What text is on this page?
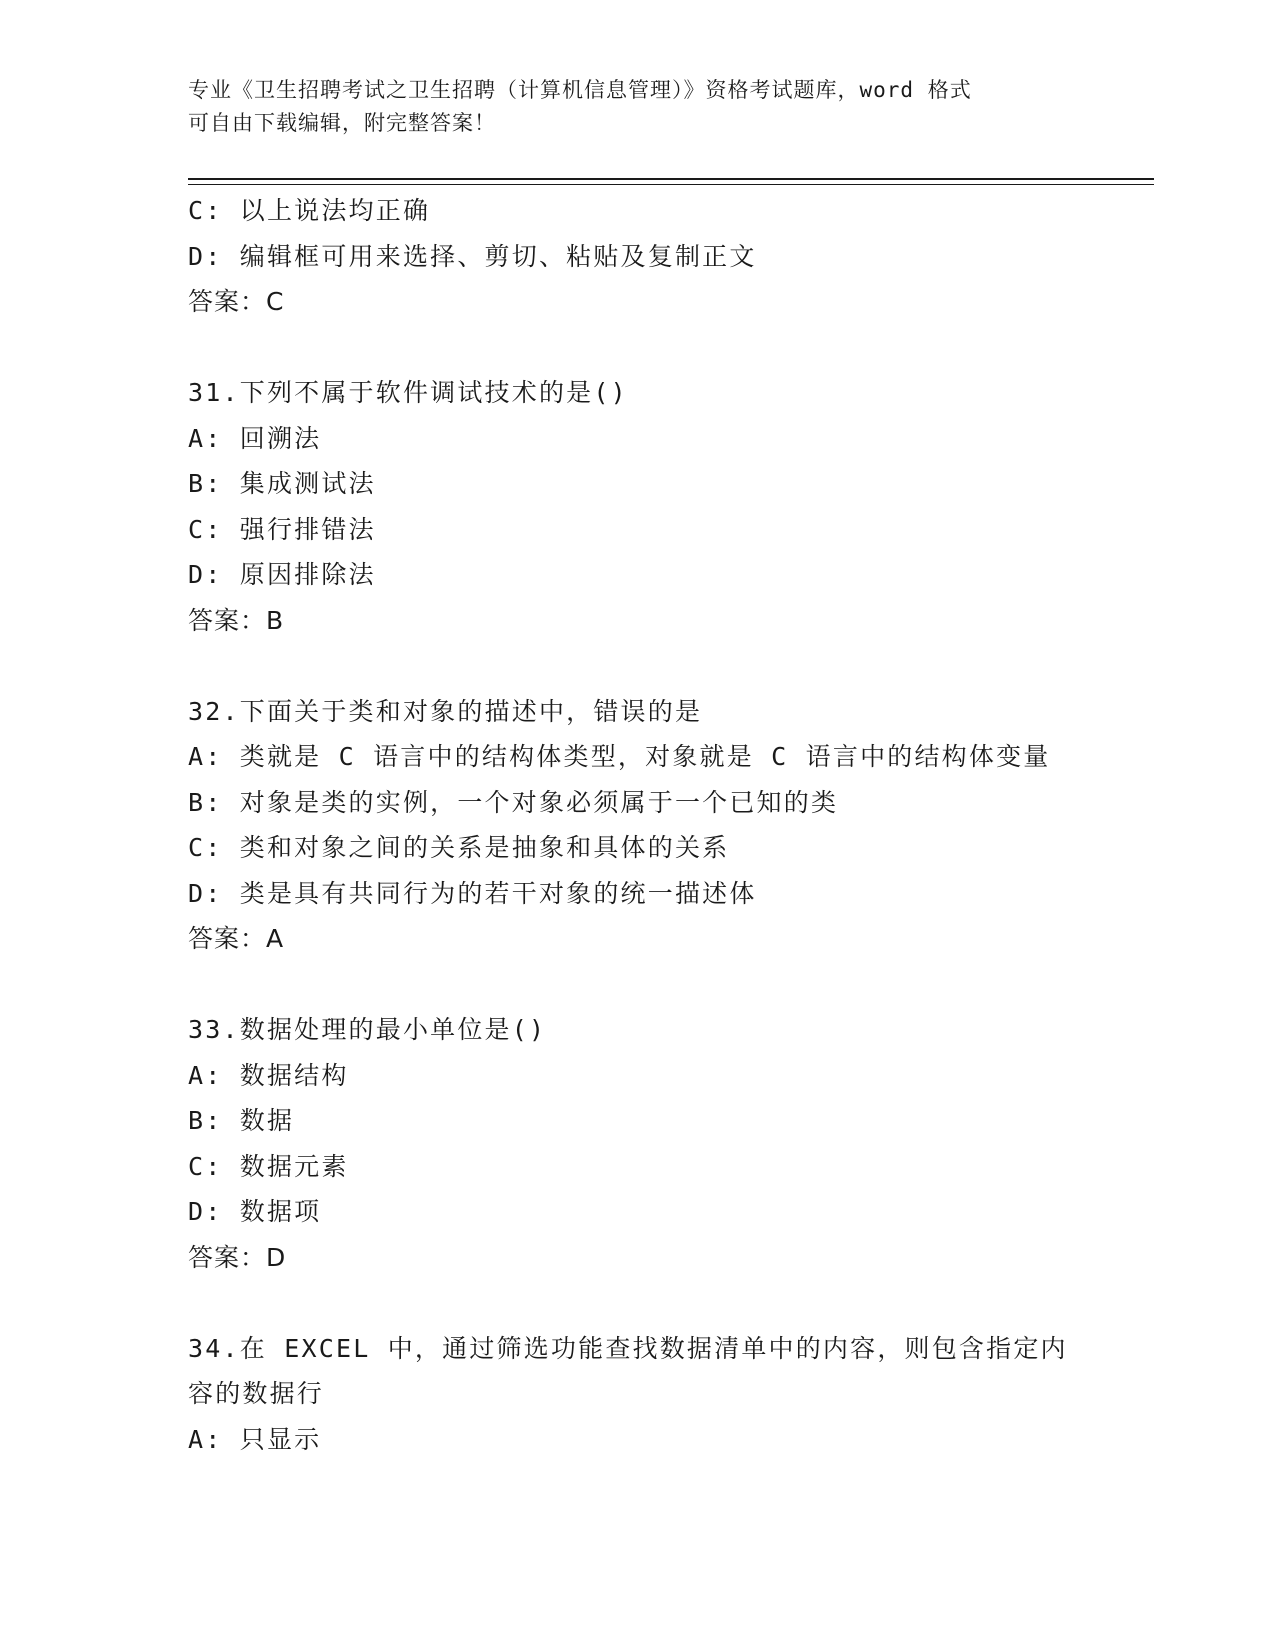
专业《卫生招聘考试之卫生招聘（计算机信息管理）》资格考试题库，word 格式
可自由下载编辑，附完整答案！
C: 以上说法均正确
D: 编辑框可用来选择、剪切、粘贴及复制正文
答案：C
31.下列不属于软件调试技术的是()
A: 回溯法
B: 集成测试法
C: 强行排错法
D: 原因排除法
答案：B
32.下面关于类和对象的描述中，错误的是
A: 类就是 C 语言中的结构体类型，对象就是 C 语言中的结构体变量
B: 对象是类的实例，一个对象必须属于一个已知的类
C: 类和对象之间的关系是抽象和具体的关系
D: 类是具有共同行为的若干对象的统一描述体
答案：A
33.数据处理的最小单位是()
A: 数据结构
B: 数据
C: 数据元素
D: 数据项
答案：D
34.在 EXCEL 中，通过筛选功能查找数据清单中的内容，则包含指定内
容的数据行
A: 只显示
